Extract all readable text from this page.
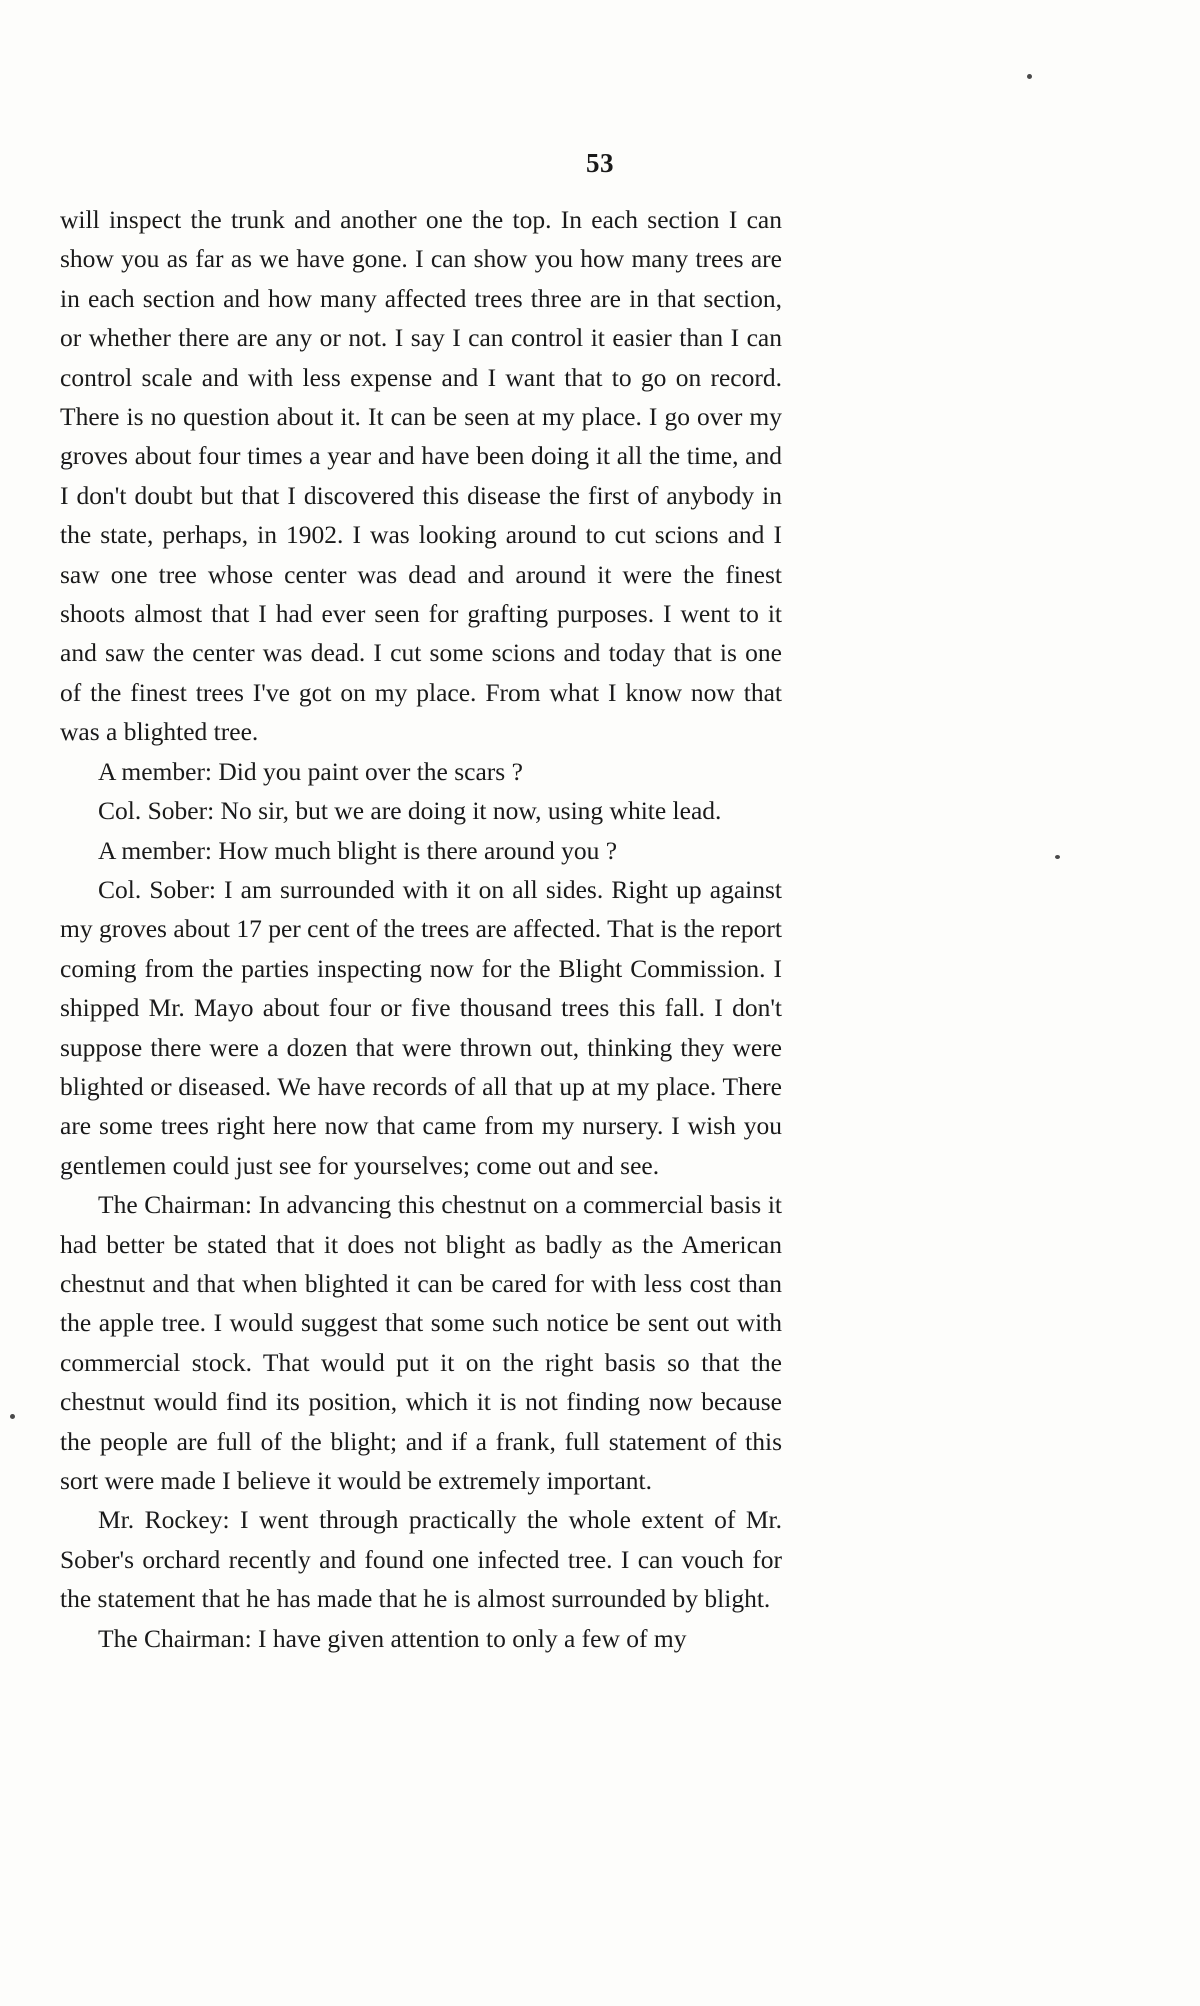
53

will inspect the trunk and another one the top. In each section I can show you as far as we have gone. I can show you how many trees are in each section and how many affected trees three are in that section, or whether there are any or not. I say I can control it easier than I can control scale and with less expense and I want that to go on record. There is no question about it. It can be seen at my place. I go over my groves about four times a year and have been doing it all the time, and I don't doubt but that I discovered this disease the first of anybody in the state, perhaps, in 1902. I was looking around to cut scions and I saw one tree whose center was dead and around it were the finest shoots almost that I had ever seen for grafting purposes. I went to it and saw the center was dead. I cut some scions and today that is one of the finest trees I've got on my place. From what I know now that was a blighted tree.

A member: Did you paint over the scars ?

Col. Sober: No sir, but we are doing it now, using white lead.

A member: How much blight is there around you ?

Col. Sober: I am surrounded with it on all sides. Right up against my groves about 17 per cent of the trees are affected. That is the report coming from the parties inspecting now for the Blight Commission. I shipped Mr. Mayo about four or five thousand trees this fall. I don't suppose there were a dozen that were thrown out, thinking they were blighted or diseased. We have records of all that up at my place. There are some trees right here now that came from my nursery. I wish you gentlemen could just see for yourselves; come out and see.

The Chairman: In advancing this chestnut on a commercial basis it had better be stated that it does not blight as badly as the American chestnut and that when blighted it can be cared for with less cost than the apple tree. I would suggest that some such notice be sent out with commercial stock. That would put it on the right basis so that the chestnut would find its position, which it is not finding now because the people are full of the blight; and if a frank, full statement of this sort were made I believe it would be extremely important.

Mr. Rockey: I went through practically the whole extent of Mr. Sober's orchard recently and found one infected tree. I can vouch for the statement that he has made that he is almost surrounded by blight.

The Chairman: I have given attention to only a few of my
